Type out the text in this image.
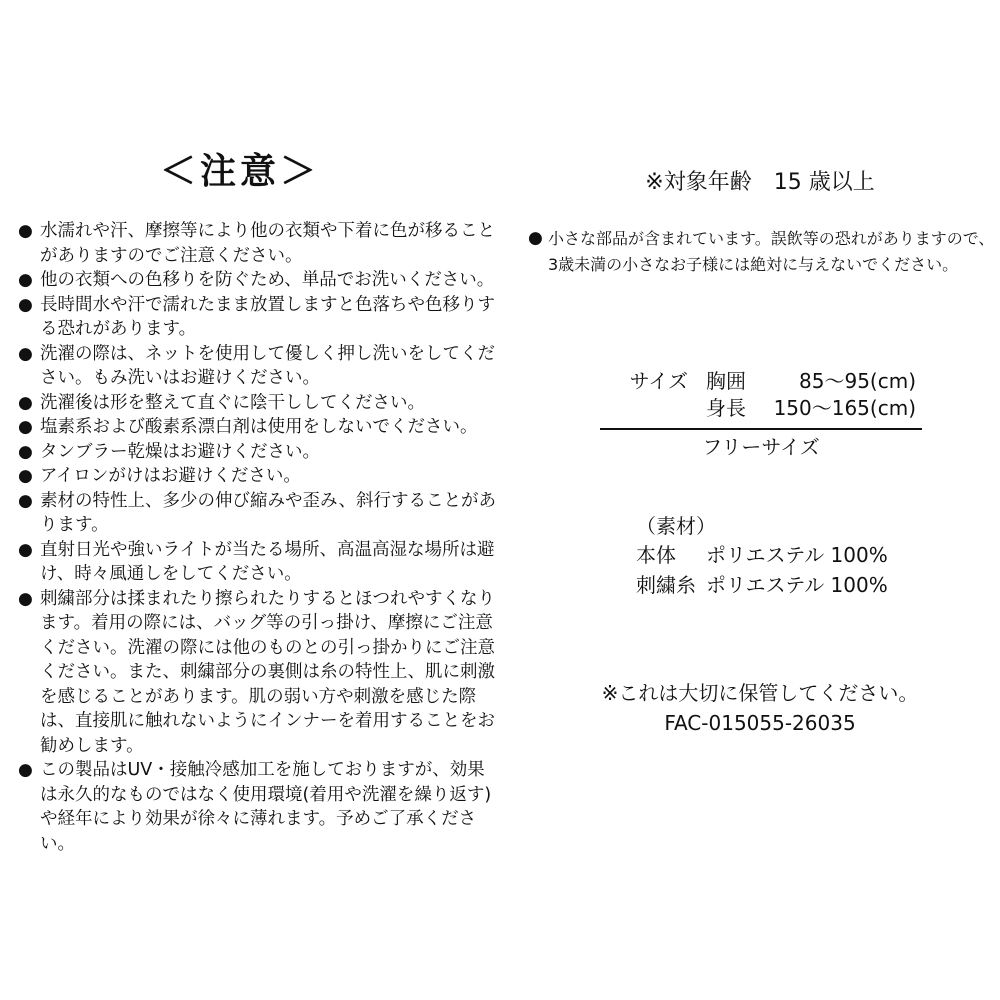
＜注意＞
● 水濡れや汗、摩擦等により他の衣類や下着に色が移ることがありますのでご注意ください。
● 他の衣類への色移りを防ぐため、単品でお洗いください。
● 長時間水や汗で濡れたまま放置しますと色落ちや色移りする恐れがあります。
● 洗濯の際は、ネットを使用して優しく押し洗いをしてください。もみ洗いはお避けください。
● 洗濯後は形を整えて直ぐに陰干ししてください。
● 塩素系および酸素系漂白剤は使用をしないでください。
● タンブラー乾燥はお避けください。
● アイロンがけはお避けください。
● 素材の特性上、多少の伸び縮みや歪み、斜行することがあります。
● 直射日光や強いライトが当たる場所、高温高湿な場所は避け、時々風通しをしてください。
● 刺繍部分は揉まれたり擦られたりするとほつれやすくなります。着用の際には、バッグ等の引っ掛け、摩擦にご注意ください。洗濯の際には他のものとの引っ掛かりにご注意ください。また、刺繍部分の裏側は糸の特性上、肌に刺激を感じることがあります。肌の弱い方や刺激を感じた際は、直接肌に触れないようにインナーを着用することをお勧めします。
● この製品はUV・接触冷感加工を施しておりますが、効果は永久的なものではなく使用環境(着用や洗濯を繰り返す)や経年により効果が徐々に薄れます。予めご了承ください。
※対象年齢　15 歳以上
● 小さな部品が含まれています。誤飲等の恐れがありますので、3歳未満の小さなお子様には絶対に与えないでください。
サイズ 胸囲	85〜95(cm)
身長	150〜165(cm)
フリーサイズ
（素材）
本体	ポリエステル 100%
刺繍糸 ポリエステル 100%
※これは大切に保管してください。
FAC-015055-26035
